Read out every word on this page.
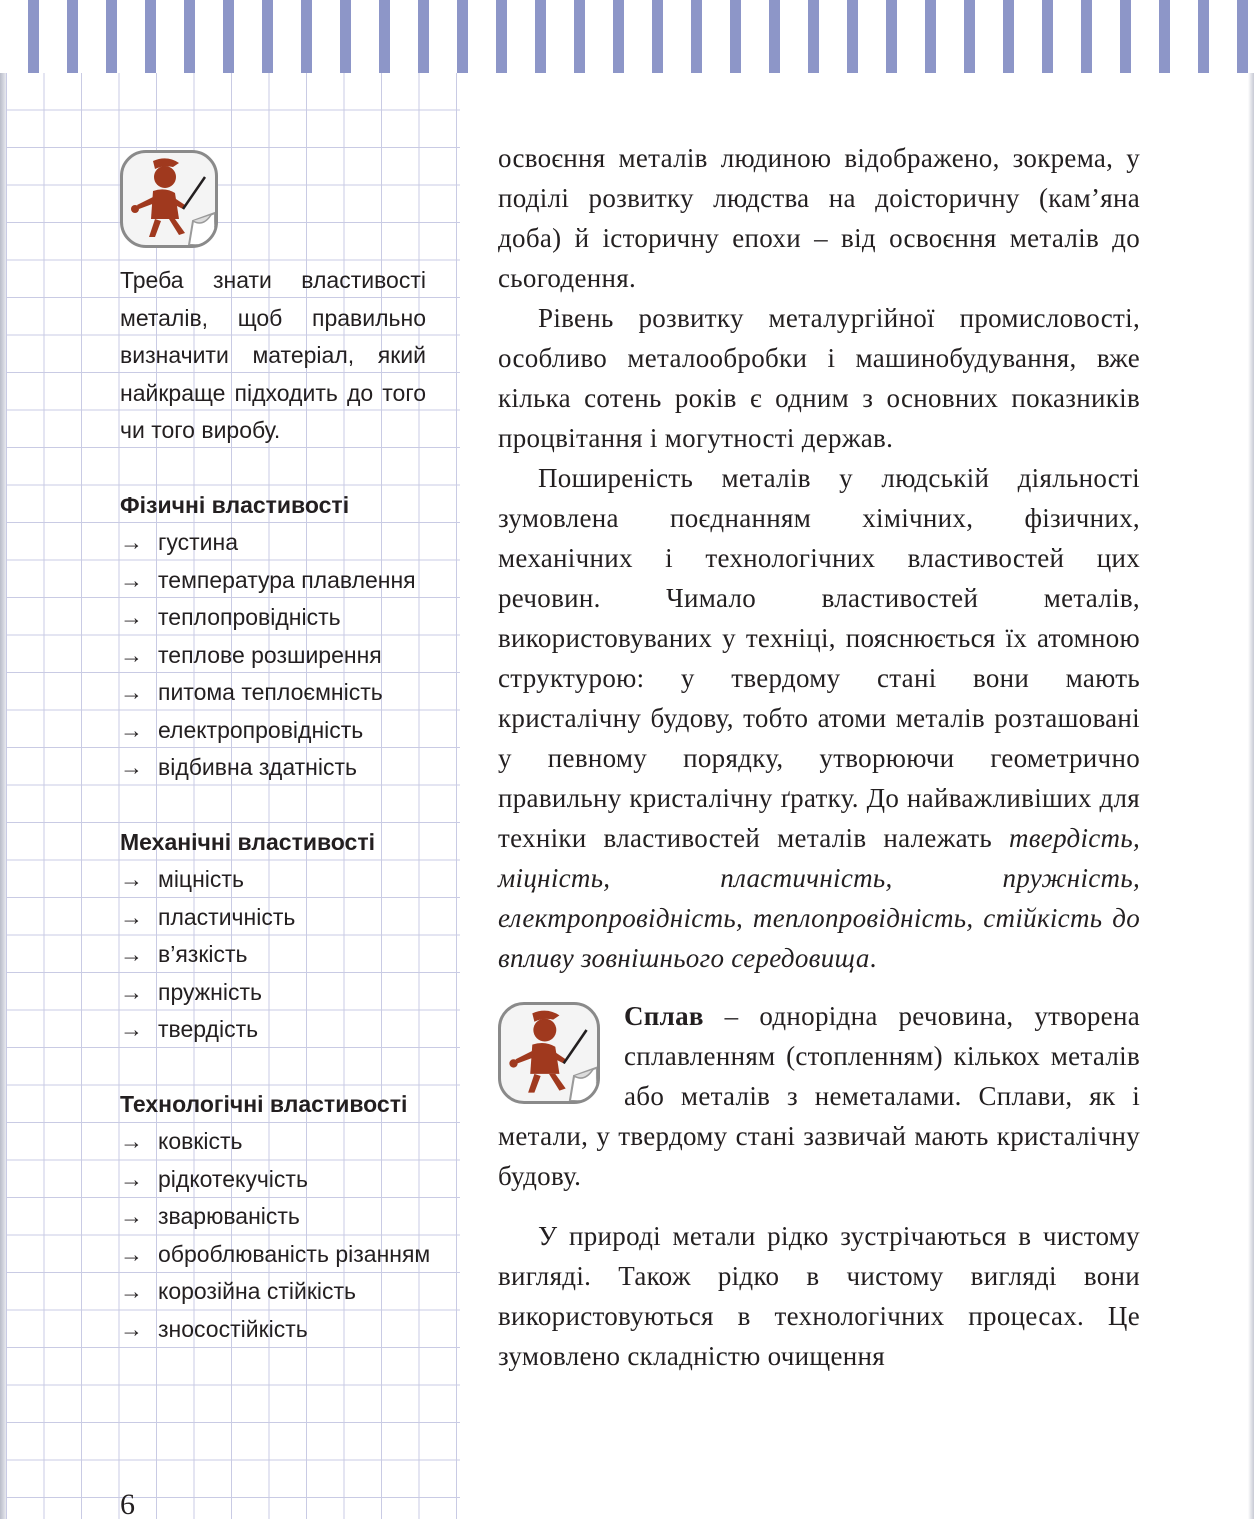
Треба знати властивості металів, щоб правильно визначити матеріал, який найкраще підходить до того чи того виробу.
Фізичні властивості
→ густина
→ температура плавлення
→ теплопровідність
→ теплове розширення
→ питома теплоємність
→ електропровідність
→ відбивна здатність
Механічні властивості
→ міцність
→ пластичність
→ в’язкість
→ пружність
→ твердість
Технологічні властивості
→ ковкість
→ рідкотекучість
→ зварюваність
→ оброблюваність різанням
→ корозійна стійкість
→ зносостійкість

освоєння металів людиною відображено, зокрема, у поділі розвитку людства на доісторичну (кам’яна доба) й історичну епохи – від освоєння металів до сьогодення.

Рівень розвитку металургійної промисловості, особливо металообробки і машинобудування, вже кілька сотень років є одним з основних показників процвітання і могутності держав.

Поширеність металів у людській діяльності зумовлена поєднанням хімічних, фізичних, механічних і технологічних властивостей цих речовин. Чимало властивостей металів, використовуваних у техніці, пояснюється їх атомною структурою: у твердому стані вони мають кристалічну будову, тобто атоми металів розташовані у певному порядку, утворюючи геометрично правильну кристалічну ґратку. До найважливіших для техніки властивостей металів належать твердість, міцність, пластичність, пружність, електропровідність, теплопровідність, стійкість до впливу зовнішнього середовища.

Сплав – однорідна речовина, утворена сплавленням (стопленням) кількох металів або металів з неметалами. Сплави, як і метали, у твердому стані зазвичай мають кристалічну будову.

У природі метали рідко зустрічаються в чистому вигляді. Також рідко в чистому вигляді вони використовуються в технологічних процесах. Це зумовлено складністю очищення

6
